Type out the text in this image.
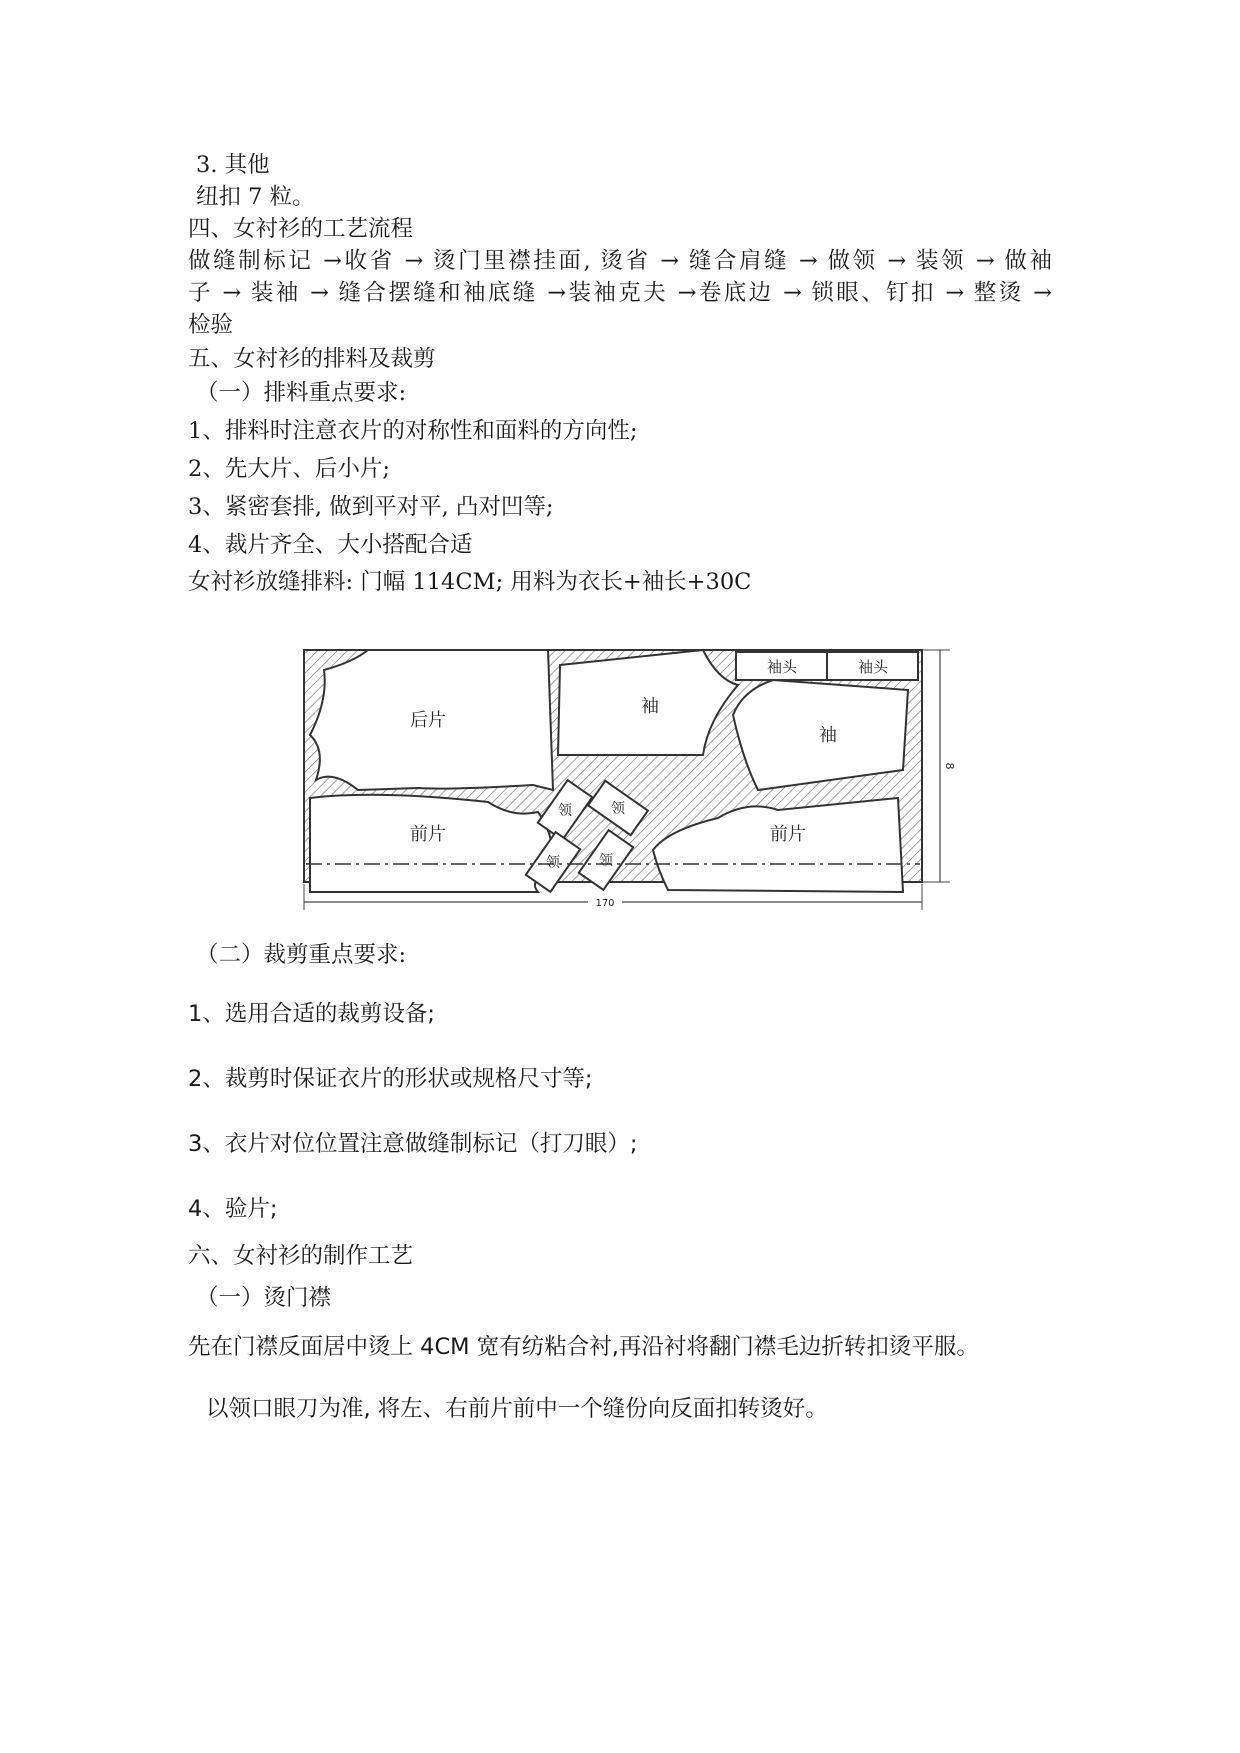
3. 其他
纽扣 7 粒。
四、女衬衫的工艺流程
做缝制标记 →收省 → 烫门里襟挂面, 烫省 → 缝合肩缝 → 做领 → 装领 → 做袖
子 → 装袖 → 缝合摆缝和袖底缝 →装袖克夫 →卷底边 → 锁眼、钉扣 → 整烫 →
检验
五、女衬衫的排料及裁剪
（一）排料重点要求:
1、排料时注意衣片的对称性和面料的方向性;
2、先大片、后小片;
3、紧密套排, 做到平对平, 凸对凹等;
4、裁片齐全、大小搭配合适
女衬衫放缝排料: 门幅 114CM; 用料为衣长+袖长+30C
后片
袖
袖
袖头	袖头
前片	前片
领	领
领	领
170
8
（二）裁剪重点要求:
1、选用合适的裁剪设备;
2、裁剪时保证衣片的形状或规格尺寸等;
3、衣片对位位置注意做缝制标记（打刀眼）;
4、验片;
六、女衬衫的制作工艺
（一）烫门襟
先在门襟反面居中烫上 4CM 宽有纺粘合衬,再沿衬将翻门襟毛边折转扣烫平服。
以领口眼刀为准, 将左、右前片前中一个缝份向反面扣转烫好。
